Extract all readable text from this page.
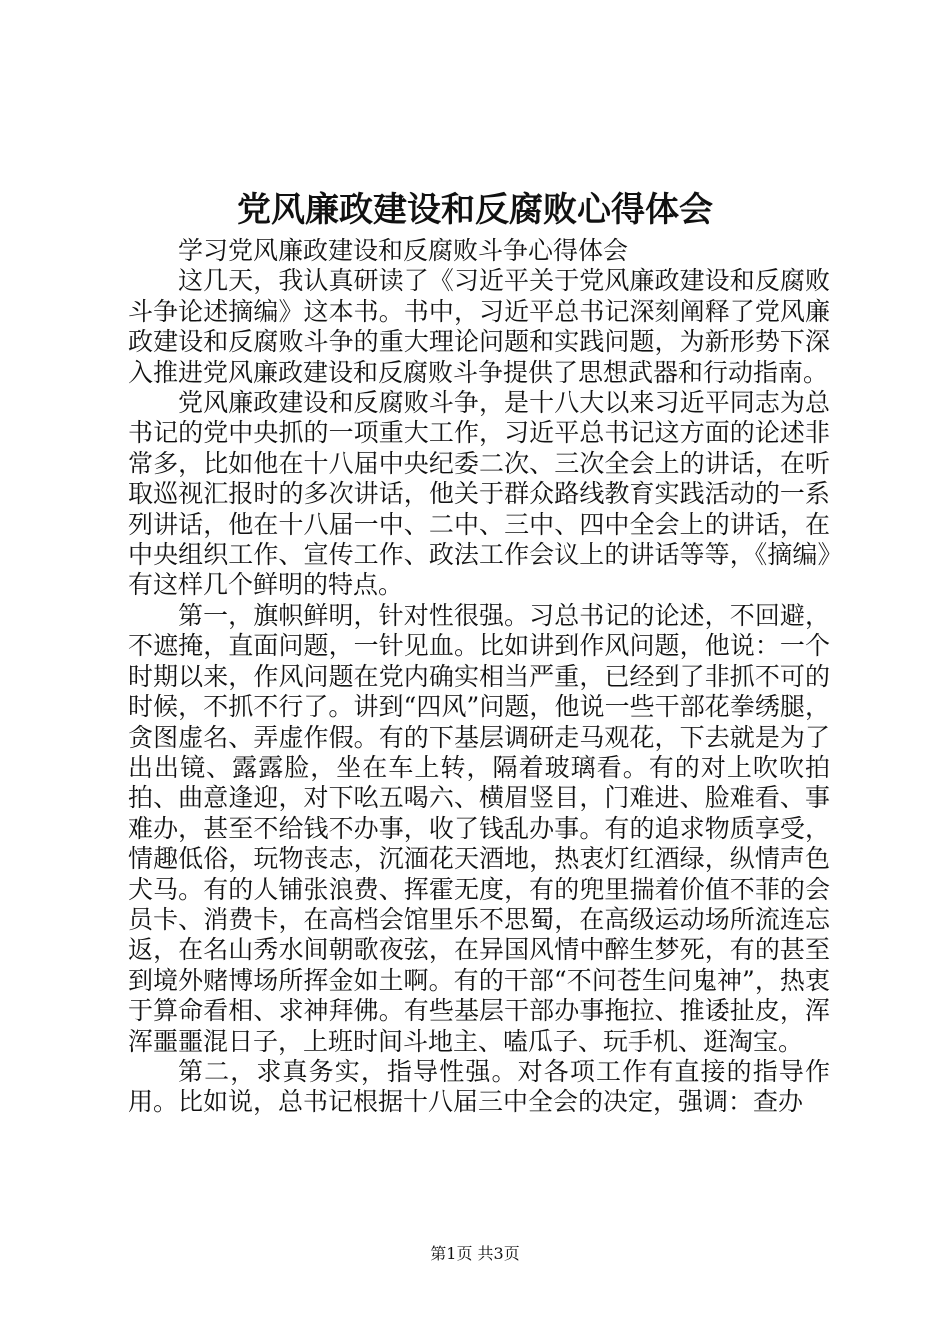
党风廉政建设和反腐败心得体会

学习党风廉政建设和反腐败斗争心得体会

这几天，我认真研读了《习近平关于党风廉政建设和反腐败斗争论述摘编》这本书。书中，习近平总书记深刻阐释了党风廉政建设和反腐败斗争的重大理论问题和实践问题，为新形势下深入推进党风廉政建设和反腐败斗争提供了思想武器和行动指南。

党风廉政建设和反腐败斗争，是十八大以来习近平同志为总书记的党中央抓的一项重大工作，习近平总书记这方面的论述非常多，比如他在十八届中央纪委二次、三次全会上的讲话，在听取巡视汇报时的多次讲话，他关于群众路线教育实践活动的一系列讲话，他在十八届一中、二中、三中、四中全会上的讲话，在中央组织工作、宣传工作、政法工作会议上的讲话等等，《摘编》有这样几个鲜明的特点。

第一，旗帜鲜明，针对性很强。习总书记的论述，不回避，不遮掩，直面问题，一针见血。比如讲到作风问题，他说：一个时期以来，作风问题在党内确实相当严重，已经到了非抓不可的时候，不抓不行了。讲到“四风”问题，他说一些干部花拳绣腿，贪图虚名、弄虚作假。有的下基层调研走马观花，下去就是为了出出镜、露露脸，坐在车上转，隔着玻璃看。有的对上吹吹拍拍、曲意逢迎，对下吆五喝六、横眉竖目，门难进、脸难看、事难办，甚至不给钱不办事，收了钱乱办事。有的追求物质享受，情趣低俗，玩物丧志，沉湎花天酒地，热衷灯红酒绿，纵情声色犬马。有的人铺张浪费、挥霍无度，有的兜里揣着价值不菲的会员卡、消费卡，在高档会馆里乐不思蜀，在高级运动场所流连忘返，在名山秀水间朝歌夜弦，在异国风情中醉生梦死，有的甚至到境外赌博场所挥金如土啊。有的干部“不问苍生问鬼神”，热衷于算命看相、求神拜佛。有些基层干部办事拖拉、推诿扯皮，浑浑噩噩混日子，上班时间斗地主、嗑瓜子、玩手机、逛淘宝。

第二，求真务实，指导性强。对各项工作有直接的指导作用。比如说，总书记根据十八届三中全会的决定，强调：查办

第1页 共3页
